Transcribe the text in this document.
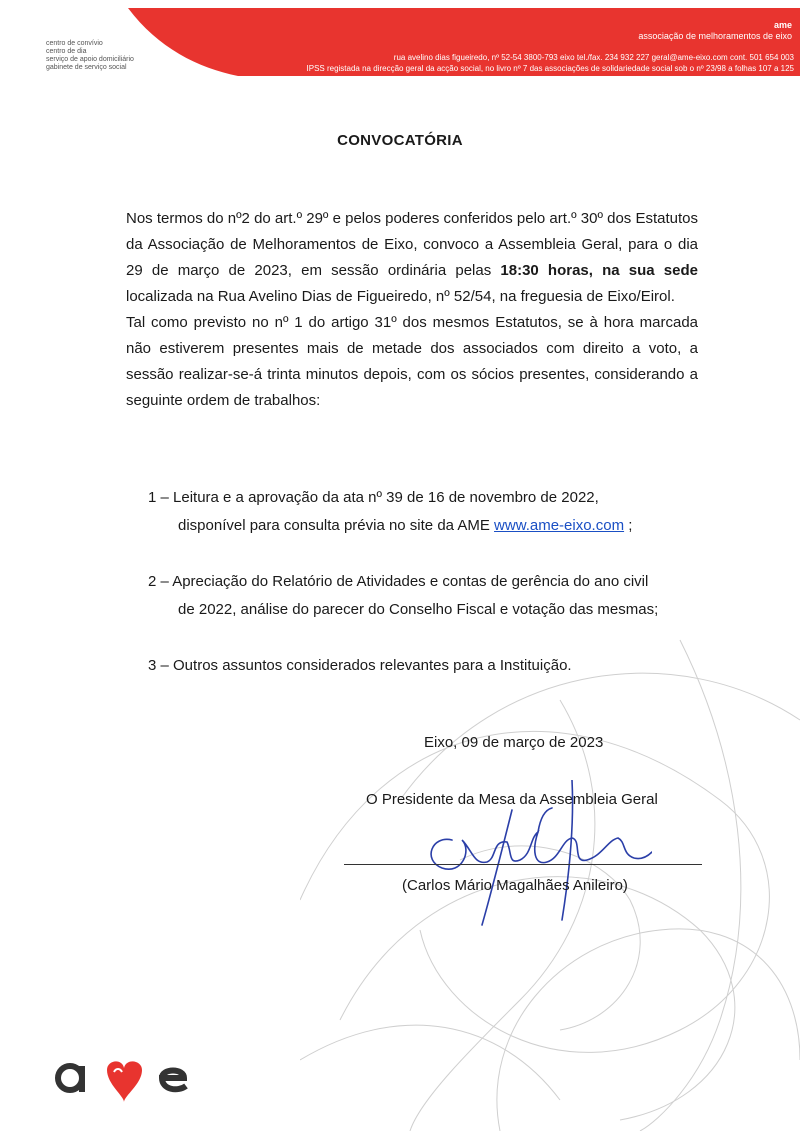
ame
associação de melhoramentos de eixo
rua avelino dias figueiredo, nº 52-54 3800-793 eixo tel./fax. 234 932 227 geral@ame-eixo.com cont. 501 654 003
IPSS registada na direcção geral da acção social, no livro nº 7 das associações de solidariedade social sob o nº 23/98 a folhas 107 a 125
centro de convívio
centro de dia
serviço de apoio domiciliário
gabinete de serviço social
CONVOCATÓRIA

Nos termos do nº2 do art.º 29º e pelos poderes conferidos pelo art.º 30º dos Estatutos da Associação de Melhoramentos de Eixo, convoco a Assembleia Geral, para o dia 29 de março de 2023, em sessão ordinária pelas 18:30 horas, na sua sede localizada na Rua Avelino Dias de Figueiredo, nº 52/54, na freguesia de Eixo/Eirol.

Tal como previsto no nº 1 do artigo 31º dos mesmos Estatutos, se à hora marcada não estiverem presentes mais de metade dos associados com direito a voto, a sessão realizar-se-á trinta minutos depois, com os sócios presentes, considerando a seguinte ordem de trabalhos:

1 – Leitura e a aprovação da ata nº 39 de 16 de novembro de 2022,
disponível para consulta prévia no site da AME www.ame-eixo.com ;
2 – Apreciação do Relatório de Atividades e contas de gerência do ano civil
de 2022, análise do parecer do Conselho Fiscal e votação das mesmas;
3 – Outros assuntos considerados relevantes para a Instituição.
Eixo, 09 de março de 2023
O Presidente da Mesa da Assembleia Geral
(Carlos Mário Magalhães Anileiro)
